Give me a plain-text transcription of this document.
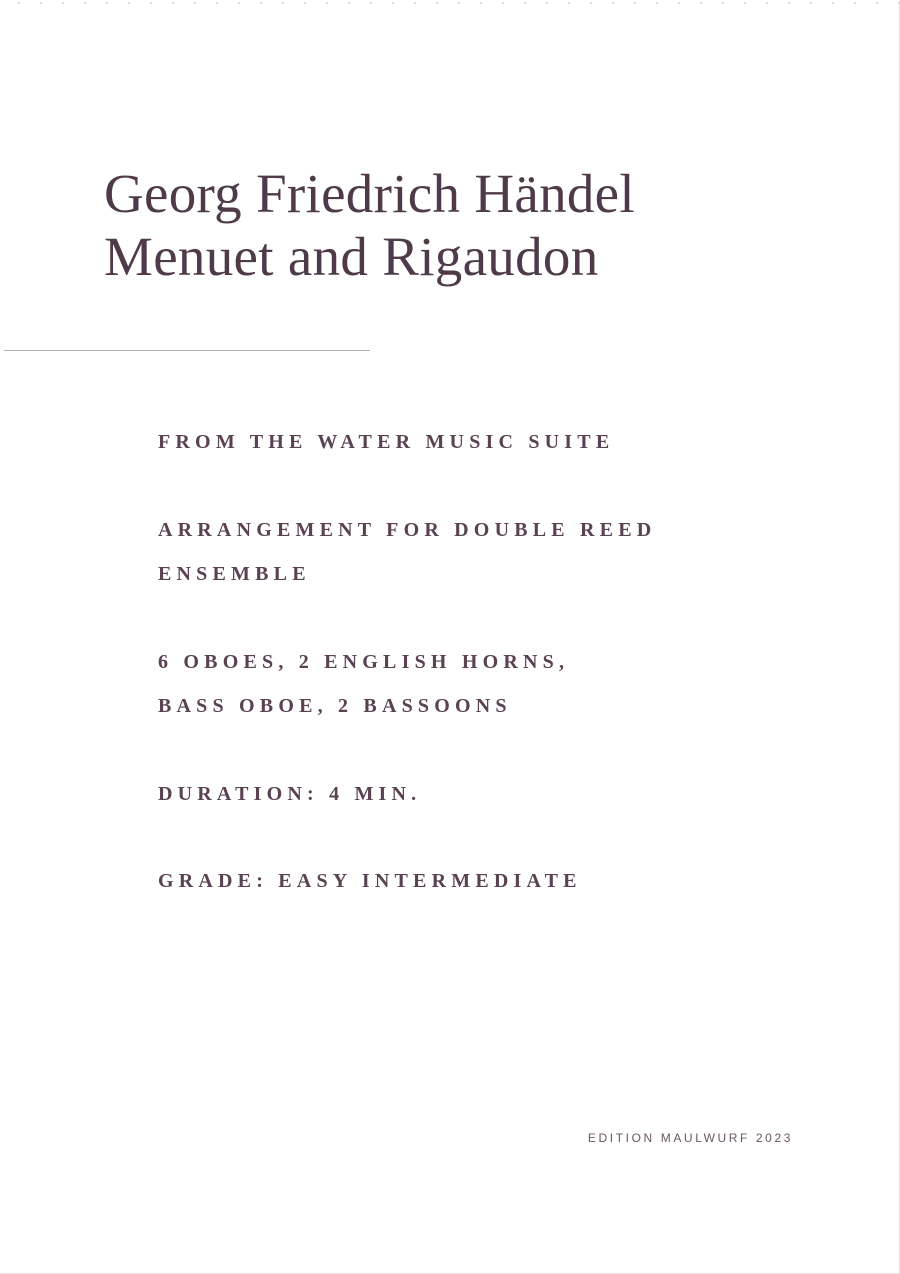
Georg Friedrich Händel
Menuet and Rigaudon
FROM THE WATER MUSIC SUITE
ARRANGEMENT FOR DOUBLE REED
ENSEMBLE
6 OBOES, 2 ENGLISH HORNS,
BASS OBOE, 2 BASSOONS
DURATION: 4 MIN.
GRADE: EASY INTERMEDIATE
EDITION MAULWURF 2023
